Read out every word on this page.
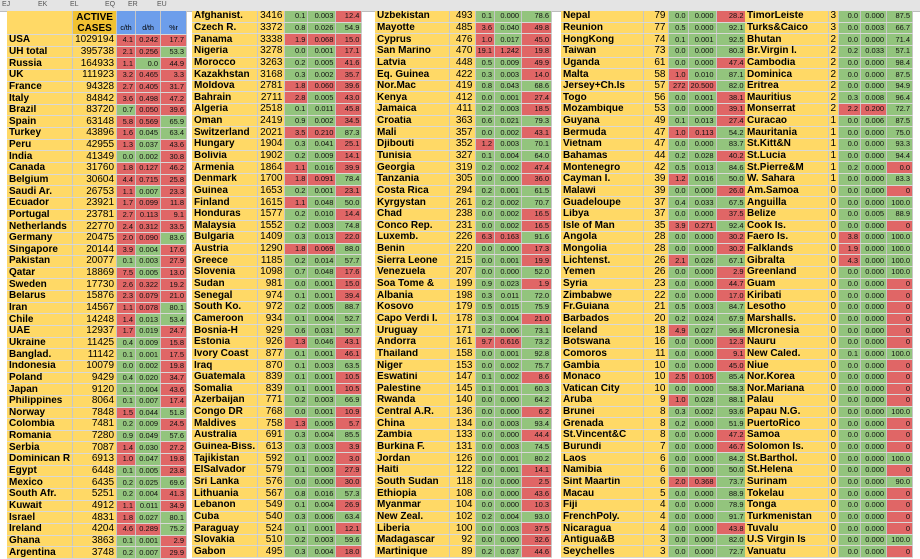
EJ	EK	EL	EQ ER	EU
	ACTIVE
CASES	c/th	d/th	%r
USA	1029194	4.1	0.242	17.7
UH total	395738	2.1	0.256	53.3
Russia	164933	1.1	0.0	44.9
UK	111923	3.2	0.465	3.3
France	94328	2.7	0.405	31.7
Italy	84842	3.6	0.498	47.2
Brazil	83720	0.7	0.050	39.6
Spain	63148	5.8	0.569	65.9
Turkey	43896	1.6	0.045	63.4
Peru	42955	1.3	0.037	43.6
India	41349	0.0	0.002	30.8
Canada	31760	1.8	0.127	46.2
Belgium	30604	4.4	0.715	25.8
Saudi Ar.	26753	1.1	0.007	23.3
Ecuador	23921	1.7	0.099	11.8
Portugal	23781	2.7	0.113	9.1
Netherlands	22770	2.4	0.312	33.5
Germany	20475	2.0	0.090	83.6
Singapore	20144	3.9	0.004	17.6
Pakistan	20077	0.1	0.003	27.9
Qatar	18869	7.5	0.005	13.0
Sweden	17730	2.6	0.322	19.2
Belarus	15876	2.3	0.079	21.0
Iran	14567	1.1	0.078	80.1
Chile	14248	1.4	0.013	53.4
UAE	12937	1.7	0.019	24.7
Ukraine	11425	0.4	0.009	15.8
Banglad.	11142	0.1	0.001	17.5
Indonesia	10079	0.0	0.002	19.8
Poland	9429	0.4	0.020	34.7
Japan	9120	0.1	0.004	43.6
Philippines	8064	0.1	0.007	17.4
Norway	7848	1.5	0.044	51.8
Colombia	7481	0.2	0.009	24.5
Romania	7280	0.9	0.049	57.6
Serbia	7087	1.4	0.030	27.2
Dominican R	6913	1.0	0.047	19.8
Egypt	6448	0.1	0.005	23.8
Mexico	6435	0.2	0.025	69.6
South Afr.	5251	0.2	0.004	41.3
Kuwait	4912	1.1	0.011	34.9
Israel	4831	1.8	0.027	80.1
Ireland	4204	4.6	0.289	75.2
Ghana	3863	0.1	0.001	2.9
Argentina	3748	0.2	0.007	29.9
Afghanist.	3416	0.1	0.003	12.4
Czech R.	3372	0.8	0.026	54.9
Panama	3338	1.9	0.068	15.0
Nigeria	3278	0.0	0.001	17.1
Morocco	3263	0.2	0.005	41.6
Kazakhstan	3168	0.3	0.002	35.7
Moldova	2781	1.8	0.060	39.6
Bahrain	2711	2.8	0.005	43.0
Algeria	2518	0.1	0.011	45.8
Oman	2419	0.9	0.002	34.5
Switzerland	2021	3.5	0.210	87.3
Hungary	1904	0.3	0.041	25.1
Bolivia	1902	0.2	0.009	14.1
Armenia	1864	1.1	0.016	39.9
Denmark	1700	1.8	0.091	78.4
Guinea	1653	0.2	0.001	23.1
Finland	1615	1.1	0.048	50.0
Honduras	1577	0.2	0.010	14.4
Malaysia	1552	0.2	0.003	74.8
Bulgaria	1409	0.3	0.013	22.0
Austria	1290	1.8	0.069	88.0
Greece	1185	0.2	0.014	57.7
Slovenia	1098	0.7	0.048	17.6
Sudan	981	0.0	0.001	15.0
Senegal	974	0.1	0.001	39.4
South Ko.	972	0.2	0.005	88.7
Cameroon	934	0.1	0.004	52.7
Bosnia-H	929	0.6	0.031	50.7
Estonia	926	1.3	0.046	43.1
Ivory Coast	877	0.1	0.001	46.1
Iraq	870	0.1	0.003	63.5
Guatemala	839	0.1	0.001	10.5
Somalia	839	0.1	0.001	10.5
Azerbaijan	771	0.2	0.003	66.9
Congo DR	768	0.0	0.001	10.9
Maldives	758	1.3	0.005	5.7
Australia	691	0.3	0.004	85.5
Guinea-Biss.	613	0.3	0.003	3.9
Tajikistan	592	0.1	0.002	3.0
ElSalvador	579	0.1	0.003	27.9
Sri Lanka	576	0.0	0.000	30.0
Lithuania	567	0.8	0.016	57.3
Lebanon	549	0.1	0.004	26.9
Cuba	540	0.3	0.006	63.4
Paraguay	524	0.1	0.001	12.1
Slovakia	510	0.2	0.003	59.6
Gabon	495	0.3	0.004	18.0
Uzbekistan	493	0.1	0.000	78.6
Mayotte	485	3.6	0.040	49.8
Cyprus	476	1.0	0.017	45.0
San Marino	470	19.1	1.242	19.8
Latvia	448	0.5	0.009	49.9
Eq. Guinea	422	0.3	0.003	14.0
Nor.Mac	419	0.8	0.043	68.6
Kenya	412	0.0	0.001	27.4
Jamaica	411	0.2	0.003	18.5
Croatia	363	0.6	0.021	79.3
Mali	357	0.0	0.002	43.1
Djibouti	352	1.2	0.003	70.1
Tunisia	327	0.1	0.004	64.0
Georgia	319	0.2	0.002	47.4
Tanzania	305	0.0	0.000	36.0
Costa Rica	294	0.2	0.001	61.5
Kyrgystan	261	0.2	0.002	70.7
Chad	238	0.0	0.002	16.5
Conco Rep.	231	0.0	0.002	16.5
Luxemb.	226	6.3	0.163	91.6
Benin	220	0.0	0.000	17.3
Sierra Leone	215	0.0	0.001	19.9
Venezuela	207	0.0	0.000	52.0
Soa Tome &	199	0.9	0.023	1.9
Albania	198	0.3	0.011	72.0
Kosovo	179	0.5	0.015	75.9
Capo Verdi I.	178	0.3	0.004	21.0
Uruguay	171	0.2	0.006	73.1
Andorra	161	9.7	0.616	73.2
Thailand	158	0.0	0.001	92.8
Niger	153	0.0	0.002	75.7
Eswatini	147	0.1	0.002	8.6
Palestine	145	0.1	0.001	60.3
Rwanda	140	0.0	0.000	64.2
Central A.R.	136	0.0	0.000	6.2
China	134	0.0	0.003	93.4
Zambia	133	0.0	0.000	44.4
Burkina F.	131	0.0	0.003	74.5
Jordan	126	0.0	0.001	80.2
Haiti	122	0.0	0.001	14.1
South Sudan	118	0.0	0.000	2.5
Ethiopia	108	0.0	0.000	43.6
Myanmar	104	0.0	0.000	10.3
New Zeal.	102	0.2	0.004	93.0
Liberia	100	0.0	0.003	37.5
Madagascar	92	0.0	0.000	32.6
Martinique	89	0.2	0.037	44.6
Nepal	79	0.0	0.000	28.2
Reunion	77	0.5	0.000	92.1
HongKong	74	0.1	0.001	92.5
Taiwan	73	0.0	0.000	80.3
Uganda	61	0.0	0.000	47.4
Malta	58	1.0	0.010	87.1
Jersey+Ch.Is	57	272	20.500	82.0
Togo	56	0.0	0.001	38.1
Mozambique	53	0.0	0.000	39.1
Guyana	49	0.1	0.013	27.4
Bermuda	47	1.0	0.113	54.2
Vietnam	47	0.0	0.000	83.7
Bahamas	44	0.2	0.028	40.2
Montenegro	42	0.5	0.013	84.6
Cayman I.	39	1.2	0.016	50.0
Malawi	39	0.0	0.000	26.0
Guadeloupe	37	0.4	0.033	67.5
Libya	37	0.0	0.000	37.5
Isle of Man	35	3.9	0.271	92.4
Angola	28	0.0	0.000	30.2
Mongolia	28	0.0	0.000	30.2
Lichtenst.	26	2.1	0.026	67.1
Yemen	26	0.0	0.000	2.9
Syria	23	0.0	0.000	44.7
Zimbabwe	22	0.0	0.000	17.0
Fr.Guiana	21	0.5	0.003	84.7
Barbados	20	0.2	0.024	67.9
Iceland	18	4.9	0.027	96.8
Botswana	16	0.0	0.000	12.3
Comoros	11	0.0	0.000	9.1
Gambia	10	0.0	0.000	45.0
Monaco	10	2.5	0.105	85.4
Vatican City	10	0.0	0.000	58.3
Aruba	9	1.0	0.028	88.1
Brunei	8	0.3	0.002	93.6
Grenada	8	0.2	0.000	51.9
St.Vincent&C	8	0.0	0.000	47.2
Burundi	7	0.0	0.000	46.7
Laos	6	0.0	0.000	84.2
Namibia	6	0.0	0.000	50.0
Sint Maartin	6	2.0	0.368	73.7
Macau	5	0.0	0.000	88.9
Fiji	4	0.0	0.000	78.9
FrenchPoly.	4	0.0	0.000	91.7
Nicaragua	4	0.0	0.000	43.8
Antigua&B	3	0.0	0.000	82.0
Seychelles	3	0.0	0.000	72.7
TimorLeiste	3	0.0	0.000	87.5
Turks&Caico	3	0.0	0.003	66.7
Bhutan	2	0.0	0.000	71.4
Br.Virgin I.	2	0.2	0.033	57.1
Cambodia	2	0.0	0.000	98.4
Dominica	2	0.0	0.000	87.5
Eritrea	2	0.0	0.000	94.9
Mauritius	2	0.3	0.008	96.4
Monserrat	2	2.2	0.200	72.7
Curacao	1	0.0	0.006	87.5
Mauritania	1	0.0	0.000	75.0
St.Kitt&N	1	0.0	0.000	93.3
St.Lucia	1	0.0	0.000	94.4
St.Pierre&M	1	0.2	0.000	0.0
W. Sahara	1	0.0	0.000	83.3
Am.Samoa	0	0.0	0.000	0
Anguilla	0	0.0	0.000	100.0
Belize	0	0.0	0.005	88.9
Cook Is.	0	0.0	0.000	0
Faero Is.	0	3.8	0.000	100.0
Falklands	0	1.9	0.000	100.0
Gibralta	0	4.3	0.000	100.0
Greenland	0	0.0	0.000	100.0
Guam	0	0.0	0.000	0
Kiribati	0	0.0	0.000	0
Lesotho	0	0.0	0.000	0
Marshalls.	0	0.0	0.000	0
MIcronesia	0	0.0	0.000	0
Nauru	0	0.0	0.000	0
New Caled.	0	0.1	0.000	100.0
Niue	0	0.0	0.000	0
Nor.Korea	0	0.0	0.000	0
Nor.Mariana	0	0.0	0.000	0
Palau	0	0.0	0.000	0
Papau N.G.	0	0.0	0.000	100.0
PuertoRico	0	0.0	0.000	0
Samoa	0	0.0	0.000	0
Solomon Is.	0	0.0	0.000	0
St.Barthol.	0	0.0	0.000	100.0
St.Helena	0	0.0	0.000	0
Surinam	0	0.0	0.000	90.0
Tokelau	0	0.0	0.000	0
Tonga	0	0.0	0.000	0
Turkmenistan	0	0.0	0.000	0
Tuvalu	0	0.0	0.000	0
U.S Virgin Is	0	0.0	0.000	100.0
Vanuatu	0	0.0	0.000	0
